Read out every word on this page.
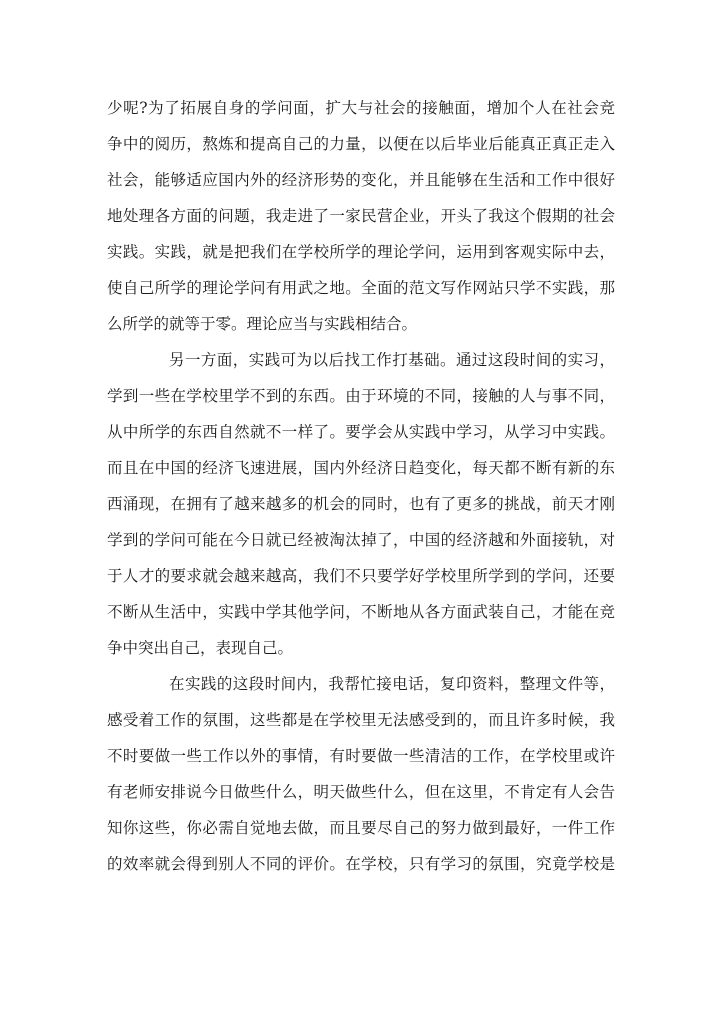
少呢?为了拓展自身的学问面，扩大与社会的接触面，增加个人在社会竞
争中的阅历，熬炼和提高自己的力量，以便在以后毕业后能真正真正走入
社会，能够适应国内外的经济形势的变化，并且能够在生活和工作中很好
地处理各方面的问题，我走进了一家民营企业，开头了我这个假期的社会
实践。实践，就是把我们在学校所学的理论学问，运用到客观实际中去，
使自己所学的理论学问有用武之地。全面的范文写作网站只学不实践，那
么所学的就等于零。理论应当与实践相结合。
另一方面，实践可为以后找工作打基础。通过这段时间的实习，
学到一些在学校里学不到的东西。由于环境的不同，接触的人与事不同，
从中所学的东西自然就不一样了。要学会从实践中学习，从学习中实践。
而且在中国的经济飞速进展，国内外经济日趋变化，每天都不断有新的东
西涌现，在拥有了越来越多的机会的同时，也有了更多的挑战，前天才刚
学到的学问可能在今日就已经被淘汰掉了，中国的经济越和外面接轨，对
于人才的要求就会越来越高，我们不只要学好学校里所学到的学问，还要
不断从生活中，实践中学其他学问，不断地从各方面武装自己，才能在竞
争中突出自己，表现自己。
在实践的这段时间内，我帮忙接电话，复印资料，整理文件等，
感受着工作的氛围，这些都是在学校里无法感受到的，而且许多时候，我
不时要做一些工作以外的事情，有时要做一些清洁的工作，在学校里或许
有老师安排说今日做些什么，明天做些什么，但在这里，不肯定有人会告
知你这些，你必需自觉地去做，而且要尽自己的努力做到最好，一件工作
的效率就会得到别人不同的评价。在学校，只有学习的氛围，究竟学校是
